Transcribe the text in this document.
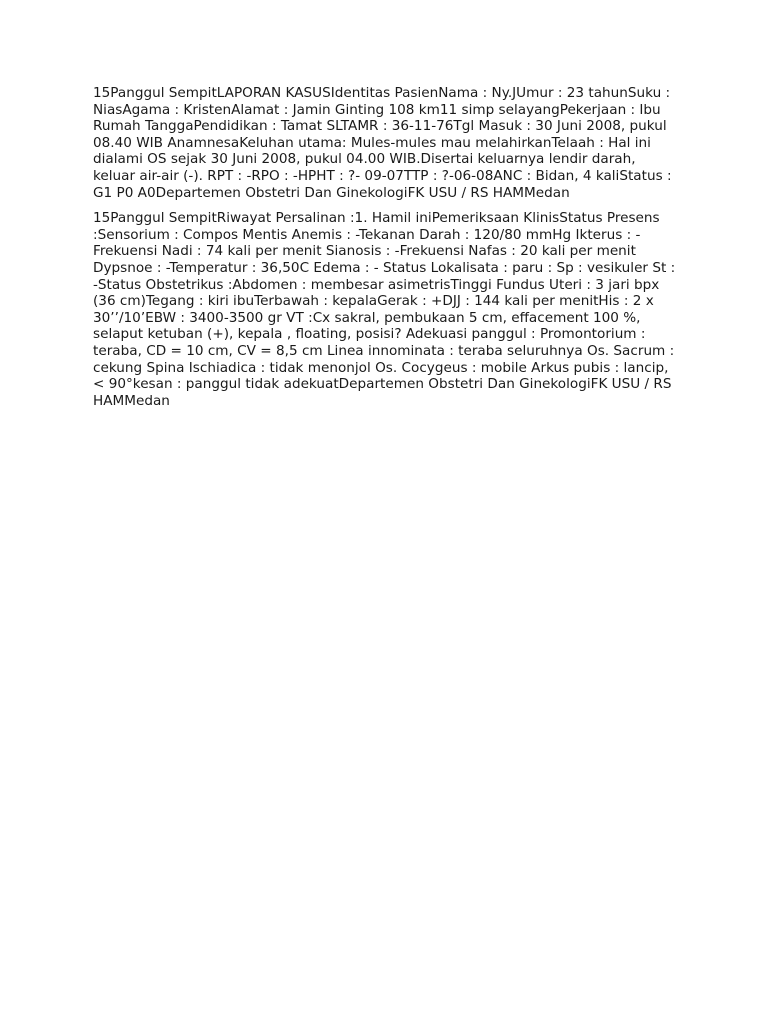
15Panggul SempitLAPORAN KASUSIdentitas PasienNama : Ny.JUmur : 23 tahunSuku : NiasAgama : KristenAlamat : Jamin Ginting 108 km11 simp selayangPekerjaan : Ibu Rumah TanggaPendidikan : Tamat SLTAMR : 36-11-76Tgl Masuk : 30 Juni 2008, pukul 08.40 WIB AnamnesaKeluhan utama: Mules-mules mau melahirkanTelaah : Hal ini dialami OS sejak 30 Juni 2008, pukul 04.00 WIB.Disertai keluarnya lendir darah, keluar air-air (-). RPT : -RPO : -HPHT : ?- 09-07TTP : ?-06-08ANC : Bidan, 4 kaliStatus : G1 P0 A0Departemen Obstetri Dan GinekologiFK USU / RS HAMMedan

15Panggul SempitRiwayat Persalinan :1. Hamil iniPemeriksaan KlinisStatus Presens :Sensorium : Compos Mentis Anemis : -Tekanan Darah : 120/80 mmHg Ikterus : -Frekuensi Nadi : 74 kali per menit Sianosis : -Frekuensi Nafas : 20 kali per menit Dypsnoe : -Temperatur : 36,50C Edema : - Status Lokalisata : paru : Sp : vesikuler St : -Status Obstetrikus :Abdomen : membesar asimetrisTinggi Fundus Uteri : 3 jari bpx (36 cm)Tegang : kiri ibuTerbawah : kepalaGerak : +DJJ : 144 kali per menitHis : 2 x 30’’/10’EBW : 3400-3500 gr VT :Cx sakral, pembukaan 5 cm, effacement 100 %, selaput ketuban (+), kepala , floating, posisi? Adekuasi panggul : Promontorium : teraba, CD = 10 cm, CV = 8,5 cm Linea innominata : teraba seluruhnya Os. Sacrum : cekung Spina Ischiadica : tidak menonjol Os. Cocygeus : mobile Arkus pubis : lancip, < 90°kesan : panggul tidak adekuatDepartemen Obstetri Dan GinekologiFK USU / RS HAMMedan
